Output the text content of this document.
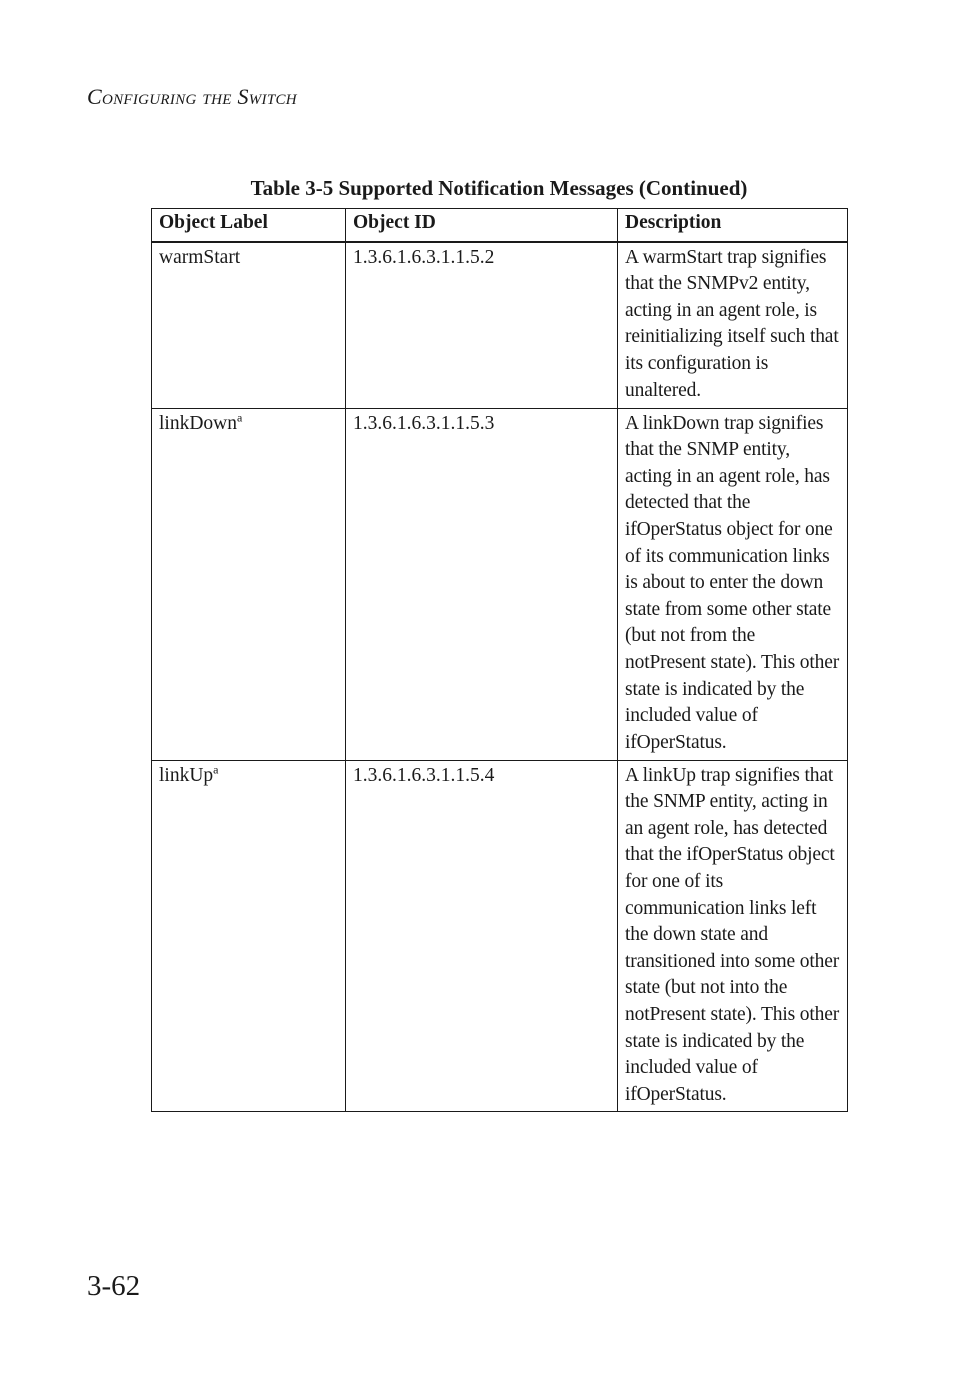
Configuring the Switch
Table 3-5 Supported Notification Messages (Continued)
Object Label	Object ID	Description
warmStart	1.3.6.1.6.3.1.1.5.2	A warmStart trap signifies that the SNMPv2 entity, acting in an agent role, is reinitializing itself such that its configuration is unaltered.
linkDown$^a$	1.3.6.1.6.3.1.1.5.3	A linkDown trap signifies that the SNMP entity, acting in an agent role, has detected that the ifOperStatus object for one of its communication links is about to enter the down state from some other state (but not from the notPresent state). This other state is indicated by the included value of ifOperStatus.
linkUp$^a$	1.3.6.1.6.3.1.1.5.4	A linkUp trap signifies that the SNMP entity, acting in an agent role, has detected that the ifOperStatus object for one of its communication links left the down state and transitioned into some other state (but not into the notPresent state). This other state is indicated by the included value of ifOperStatus.
3-62
